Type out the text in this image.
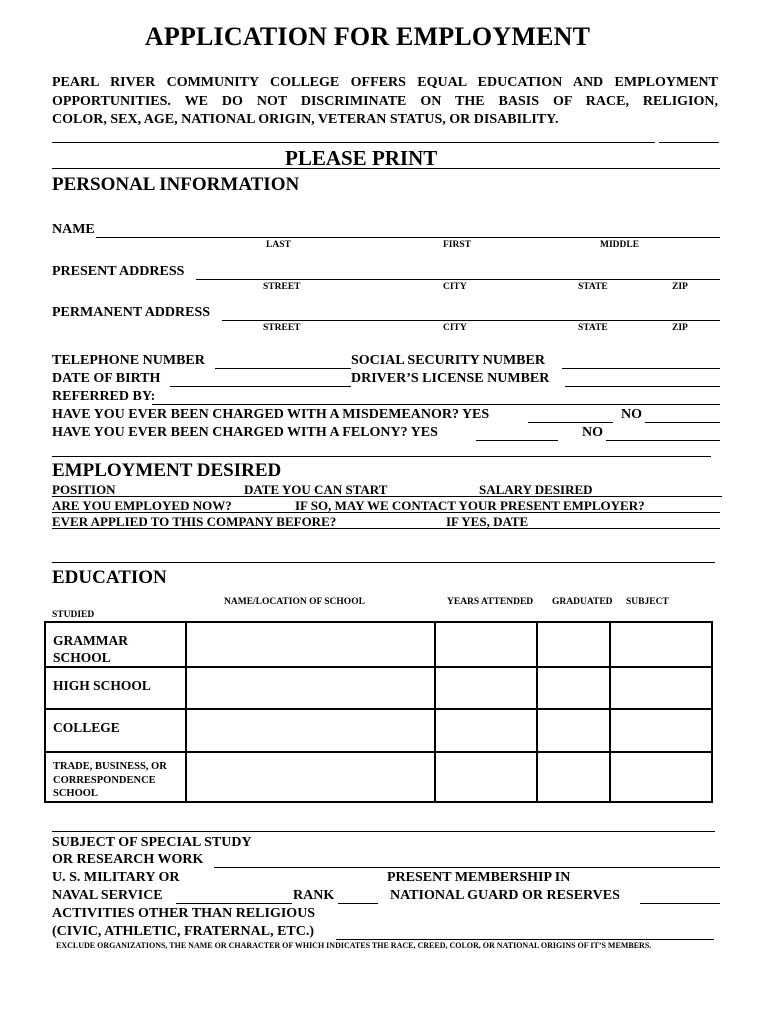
APPLICATION FOR EMPLOYMENT
PEARL RIVER COMMUNITY COLLEGE OFFERS EQUAL EDUCATION AND EMPLOYMENT
OPPORTUNITIES. WE DO NOT DISCRIMINATE ON THE BASIS OF RACE, RELIGION,
COLOR, SEX, AGE, NATIONAL ORIGIN, VETERAN STATUS, OR DISABILITY.
PLEASE PRINT
PERSONAL INFORMATION
NAME
LAST	FIRST	MIDDLE
PRESENT ADDRESS
STREET	CITY	STATE	ZIP
PERMANENT ADDRESS
STREET	CITY	STATE	ZIP
TELEPHONE NUMBER	SOCIAL SECURITY NUMBER
DATE OF BIRTH	DRIVER’S LICENSE NUMBER
REFERRED BY:
HAVE YOU EVER BEEN CHARGED WITH A MISDEMEANOR? YES	NO
HAVE YOU EVER BEEN CHARGED WITH A FELONY? YES	NO
EMPLOYMENT DESIRED
POSITION	DATE YOU CAN START	SALARY DESIRED
ARE YOU EMPLOYED NOW?	IF SO, MAY WE CONTACT YOUR PRESENT EMPLOYER?
EVER APPLIED TO THIS COMPANY BEFORE?	IF YES, DATE
EDUCATION
NAME/LOCATION OF SCHOOL	YEARS ATTENDED GRADUATED SUBJECT
STUDIED
GRAMMAR
SCHOOL				

HIGH SCHOOL				

COLLEGE				

TRADE, BUSINESS, OR
CORRESPONDENCE
SCHOOL				

SUBJECT OF SPECIAL STUDY
OR RESEARCH WORK
U. S. MILITARY OR	PRESENT MEMBERSHIP IN
NAVAL SERVICE	RANK	NATIONAL GUARD OR RESERVES
ACTIVITIES OTHER THAN RELIGIOUS
(CIVIC, ATHLETIC, FRATERNAL, ETC.)
EXCLUDE ORGANIZATIONS, THE NAME OR CHARACTER OF WHICH INDICATES THE RACE, CREED, COLOR, OR NATIONAL ORIGINS OF IT’S MEMBERS.
